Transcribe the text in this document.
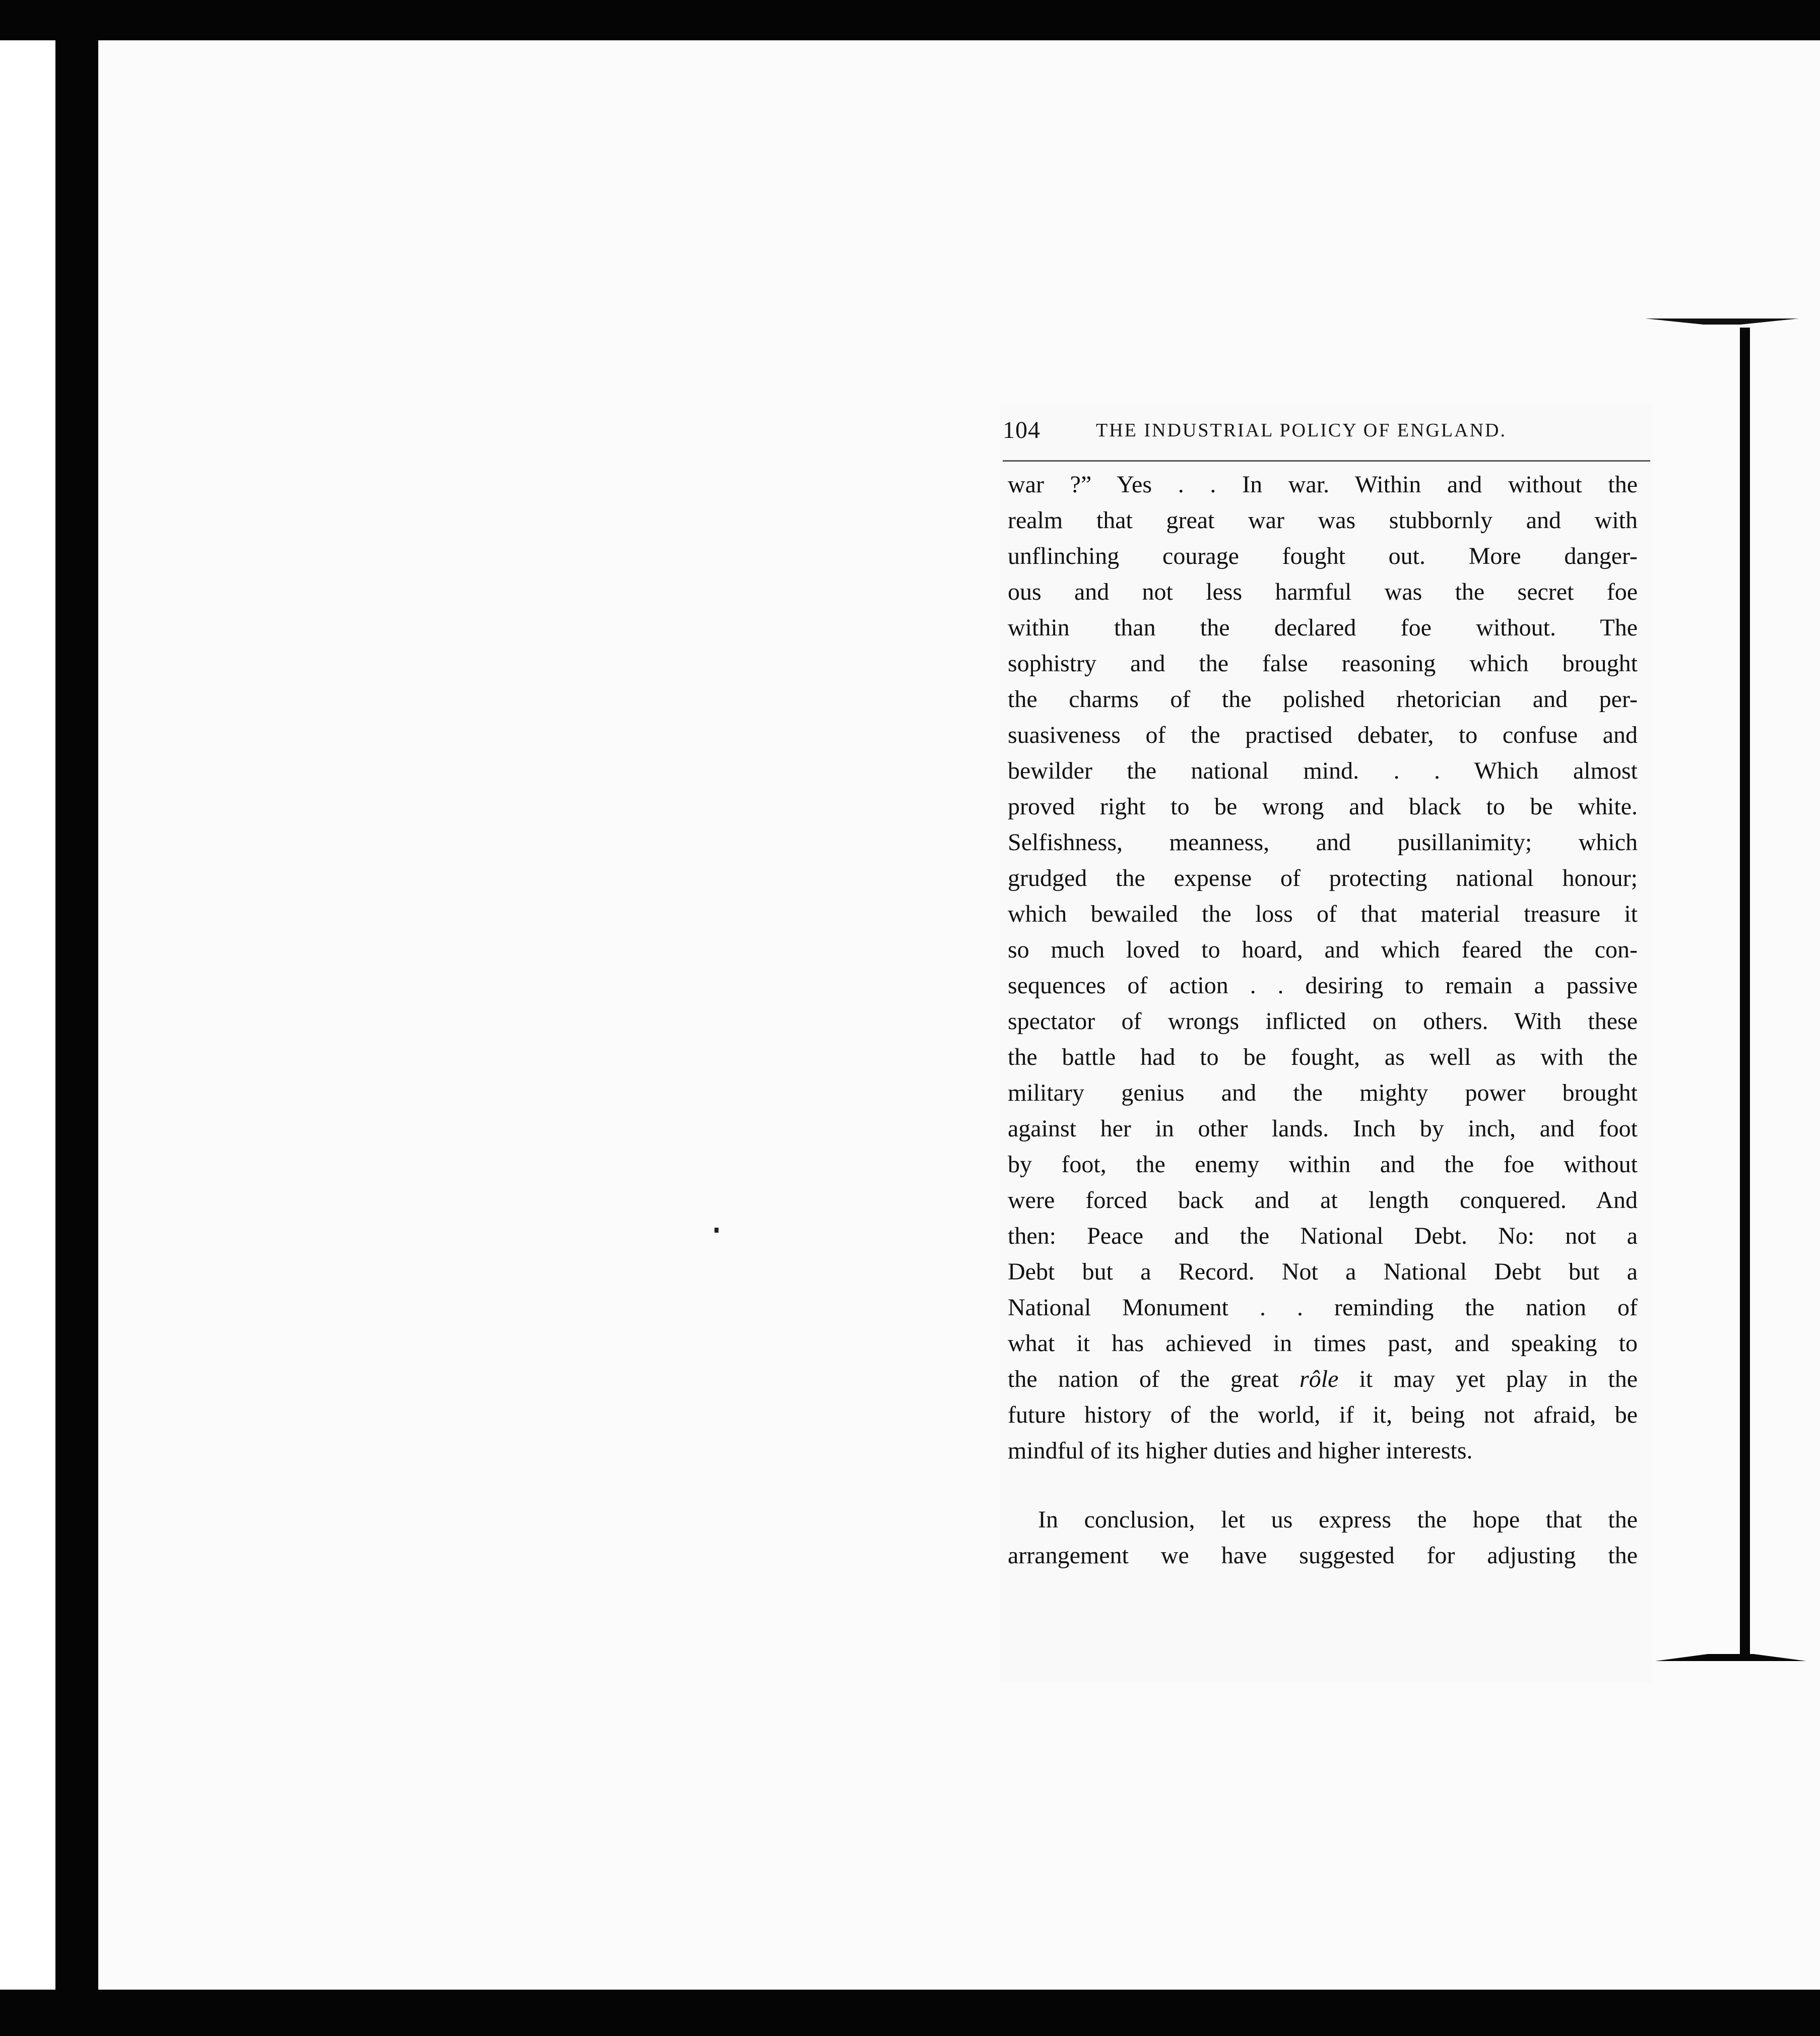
104	THE INDUSTRIAL POLICY OF ENGLAND.
war ?” Yes . . In war. Within and without the
realm that great war was stubbornly and with
unflinching courage fought out. More danger-
ous and not less harmful was the secret foe
within than the declared foe without. The
sophistry and the false reasoning which brought
the charms of the polished rhetorician and per-
suasiveness of the practised debater, to confuse and
bewilder the national mind. . . Which almost
proved right to be wrong and black to be white.
Selfishness, meanness, and pusillanimity; which
grudged the expense of protecting national honour;
which bewailed the loss of that material treasure it
so much loved to hoard, and which feared the con-
sequences of action . . desiring to remain a passive
spectator of wrongs inflicted on others. With these
the battle had to be fought, as well as with the
military genius and the mighty power brought
against her in other lands. Inch by inch, and foot
by foot, the enemy within and the foe without
were forced back and at length conquered. And
then: Peace and the National Debt. No: not a
Debt but a Record. Not a National Debt but a
National Monument . . reminding the nation of
what it has achieved in times past, and speaking to
the nation of the great rôle it may yet play in the
future history of the world, if it, being not afraid, be
mindful of its higher duties and higher interests.
In conclusion, let us express the hope that the
arrangement we have suggested for adjusting the
